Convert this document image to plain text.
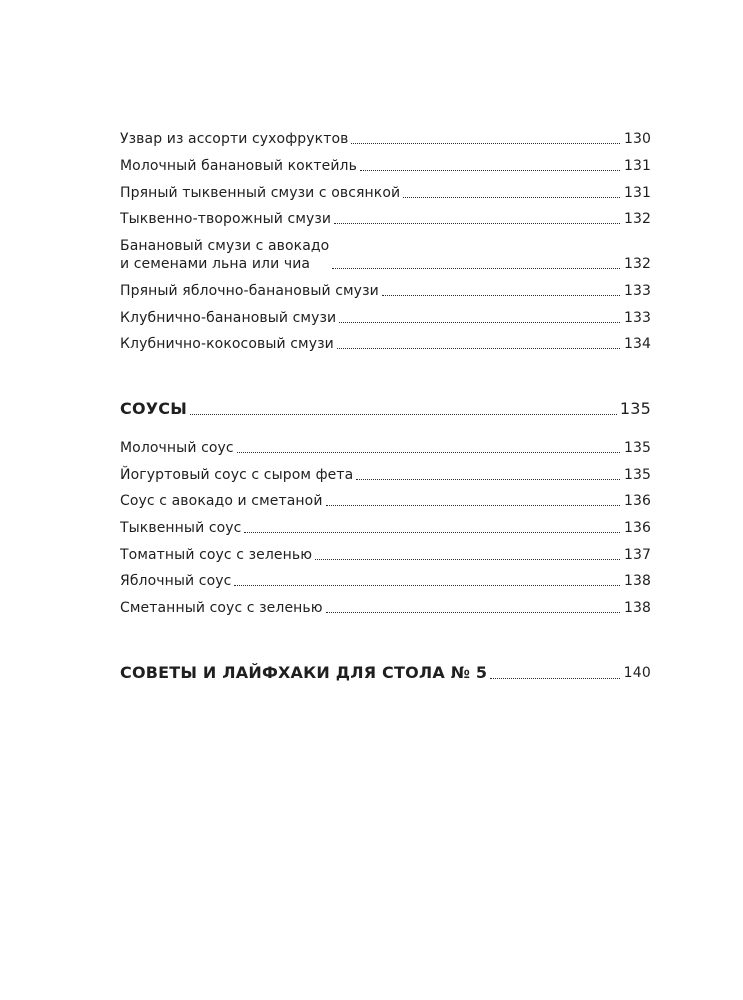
Узвар из ассорти сухофруктов	130
Молочный банановый коктейль	131
Пряный тыквенный смузи с овсянкой	131
Тыквенно-творожный смузи	132
Банановый смузи с авокадо
и семенами льна или чиа	132
Пряный яблочно-банановый смузи	133
Клубнично-банановый смузи	133
Клубнично-кокосовый смузи	134
СОУСЫ	135
Молочный соус	135
Йогуртовый соус с сыром фета	135
Соус с авокадо и сметаной	136
Тыквенный соус	136
Томатный соус с зеленью	137
Яблочный соус	138
Сметанный соус с зеленью	138
СОВЕТЫ И ЛАЙФХАКИ ДЛЯ СТОЛА № 5	140
